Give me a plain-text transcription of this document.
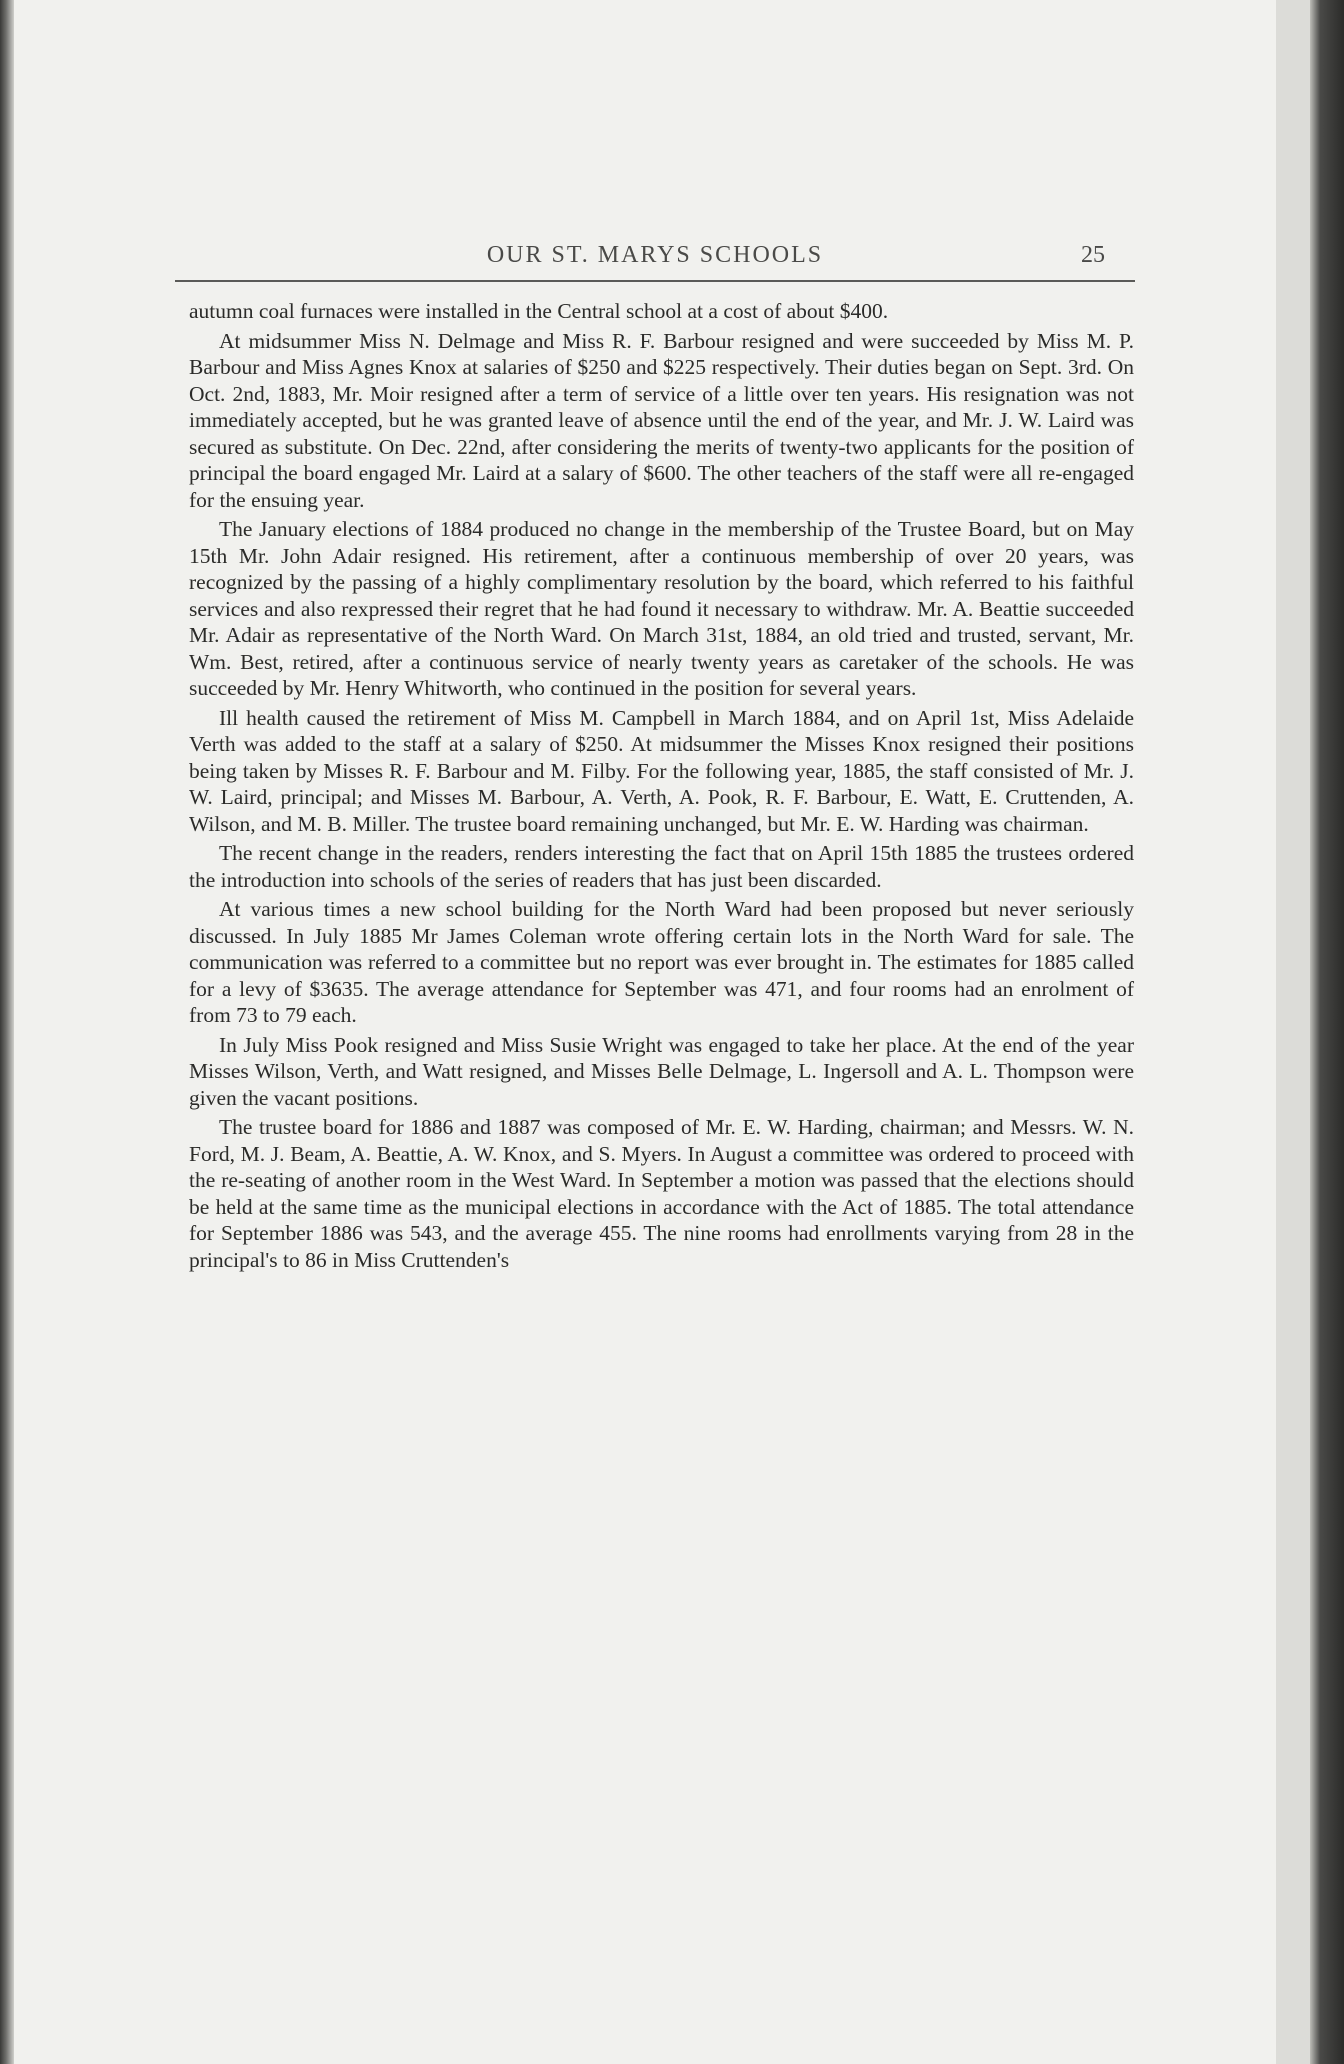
OUR ST. MARYS SCHOOLS	25

autumn coal furnaces were installed in the Central school at a cost of about $400.

At midsummer Miss N. Delmage and Miss R. F. Barbour resigned and were succeeded by Miss M. P. Barbour and Miss Agnes Knox at salaries of $250 and $225 respectively. Their duties began on Sept. 3rd. On Oct. 2nd, 1883, Mr. Moir resigned after a term of service of a little over ten years. His resignation was not immediately accepted, but he was granted leave of absence until the end of the year, and Mr. J. W. Laird was secured as substitute. On Dec. 22nd, after considering the merits of twenty-two applicants for the position of principal the board engaged Mr. Laird at a salary of $600. The other teachers of the staff were all re-engaged for the ensuing year.

The January elections of 1884 produced no change in the membership of the Trustee Board, but on May 15th Mr. John Adair resigned. His retirement, after a continuous membership of over 20 years, was recognized by the passing of a highly complimentary resolution by the board, which referred to his faithful services and also rexpressed their regret that he had found it necessary to withdraw. Mr. A. Beattie succeeded Mr. Adair as representative of the North Ward. On March 31st, 1884, an old tried and trusted, servant, Mr. Wm. Best, retired, after a continuous service of nearly twenty years as caretaker of the schools. He was succeeded by Mr. Henry Whitworth, who continued in the position for several years.

Ill health caused the retirement of Miss M. Campbell in March 1884, and on April 1st, Miss Adelaide Verth was added to the staff at a salary of $250. At midsummer the Misses Knox resigned their positions being taken by Misses R. F. Barbour and M. Filby. For the following year, 1885, the staff consisted of Mr. J. W. Laird, principal; and Misses M. Barbour, A. Verth, A. Pook, R. F. Barbour, E. Watt, E. Cruttenden, A. Wilson, and M. B. Miller. The trustee board remaining unchanged, but Mr. E. W. Harding was chairman.

The recent change in the readers, renders interesting the fact that on April 15th 1885 the trustees ordered the introduction into schools of the series of readers that has just been discarded.

At various times a new school building for the North Ward had been proposed but never seriously discussed. In July 1885 Mr James Coleman wrote offering certain lots in the North Ward for sale. The communication was referred to a committee but no report was ever brought in. The estimates for 1885 called for a levy of $3635. The average attendance for September was 471, and four rooms had an enrolment of from 73 to 79 each.

In July Miss Pook resigned and Miss Susie Wright was engaged to take her place. At the end of the year Misses Wilson, Verth, and Watt resigned, and Misses Belle Delmage, L. Ingersoll and A. L. Thompson were given the vacant positions.

The trustee board for 1886 and 1887 was composed of Mr. E. W. Harding, chairman; and Messrs. W. N. Ford, M. J. Beam, A. Beattie, A. W. Knox, and S. Myers. In August a committee was ordered to proceed with the re-seating of another room in the West Ward. In September a motion was passed that the elections should be held at the same time as the municipal elections in accordance with the Act of 1885. The total attendance for September 1886 was 543, and the average 455. The nine rooms had enrollments varying from 28 in the principal's to 86 in Miss Cruttenden's
